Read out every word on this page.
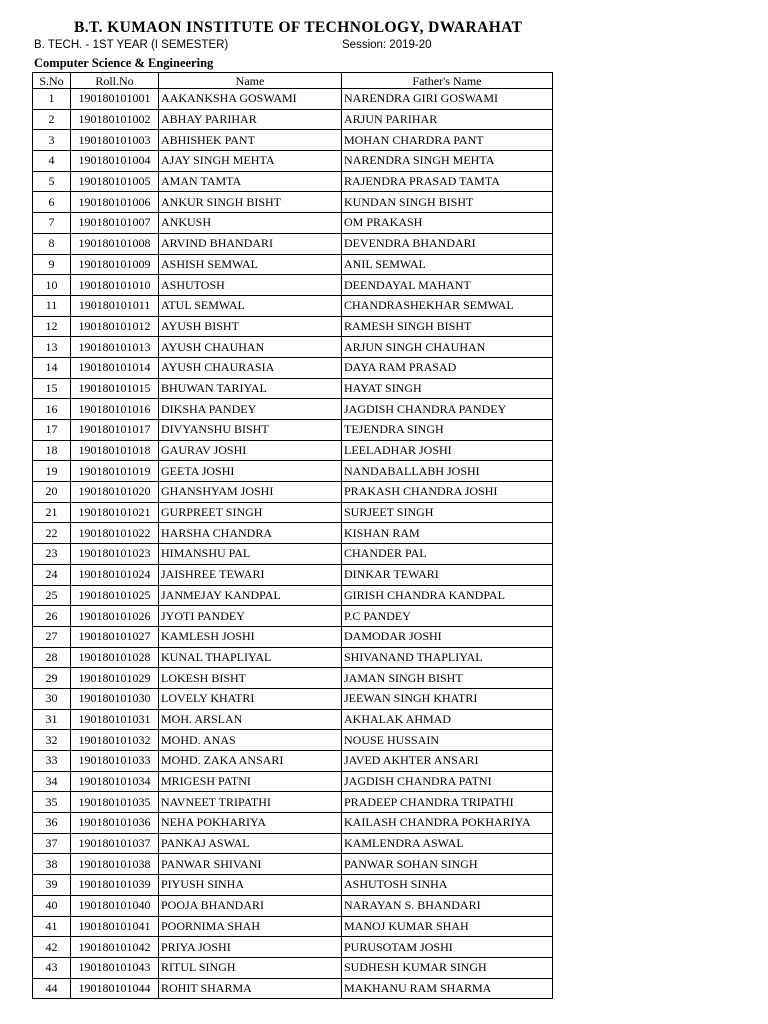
B.T. KUMAON INSTITUTE OF TECHNOLOGY, DWARAHAT
B. TECH. - 1ST YEAR (I SEMESTER)	Session: 2019-20
Computer Science & Engineering
S.No	Roll.No	Name	Father's Name
1	190180101001	AAKANKSHA GOSWAMI	NARENDRA GIRI GOSWAMI
2	190180101002	ABHAY PARIHAR	ARJUN PARIHAR
3	190180101003	ABHISHEK PANT	MOHAN CHARDRA PANT
4	190180101004	AJAY SINGH MEHTA	NARENDRA SINGH MEHTA
5	190180101005	AMAN TAMTA	RAJENDRA PRASAD TAMTA
6	190180101006	ANKUR SINGH BISHT	KUNDAN SINGH BISHT
7	190180101007	ANKUSH	OM PRAKASH
8	190180101008	ARVIND BHANDARI	DEVENDRA BHANDARI
9	190180101009	ASHISH SEMWAL	ANIL SEMWAL
10	190180101010	ASHUTOSH	DEENDAYAL MAHANT
11	190180101011	ATUL SEMWAL	CHANDRASHEKHAR SEMWAL
12	190180101012	AYUSH BISHT	RAMESH SINGH BISHT
13	190180101013	AYUSH CHAUHAN	ARJUN SINGH CHAUHAN
14	190180101014	AYUSH CHAURASIA	DAYA RAM PRASAD
15	190180101015	BHUWAN TARIYAL	HAYAT SINGH
16	190180101016	DIKSHA PANDEY	JAGDISH CHANDRA PANDEY
17	190180101017	DIVYANSHU BISHT	TEJENDRA SINGH
18	190180101018	GAURAV JOSHI	LEELADHAR JOSHI
19	190180101019	GEETA JOSHI	NANDABALLABH JOSHI
20	190180101020	GHANSHYAM JOSHI	PRAKASH CHANDRA JOSHI
21	190180101021	GURPREET SINGH	SURJEET SINGH
22	190180101022	HARSHA CHANDRA	KISHAN RAM
23	190180101023	HIMANSHU PAL	CHANDER PAL
24	190180101024	JAISHREE TEWARI	DINKAR TEWARI
25	190180101025	JANMEJAY KANDPAL	GIRISH CHANDRA KANDPAL
26	190180101026	JYOTI PANDEY	P.C PANDEY
27	190180101027	KAMLESH JOSHI	DAMODAR JOSHI
28	190180101028	KUNAL THAPLIYAL	SHIVANAND THAPLIYAL
29	190180101029	LOKESH BISHT	JAMAN SINGH BISHT
30	190180101030	LOVELY KHATRI	JEEWAN SINGH KHATRI
31	190180101031	MOH. ARSLAN	AKHALAK AHMAD
32	190180101032	MOHD. ANAS	NOUSE HUSSAIN
33	190180101033	MOHD. ZAKA ANSARI	JAVED AKHTER ANSARI
34	190180101034	MRIGESH PATNI	JAGDISH CHANDRA PATNI
35	190180101035	NAVNEET TRIPATHI	PRADEEP CHANDRA TRIPATHI
36	190180101036	NEHA POKHARIYA	KAILASH CHANDRA POKHARIYA
37	190180101037	PANKAJ ASWAL	KAMLENDRA ASWAL
38	190180101038	PANWAR SHIVANI	PANWAR SOHAN SINGH
39	190180101039	PIYUSH SINHA	ASHUTOSH SINHA
40	190180101040	POOJA BHANDARI	NARAYAN S. BHANDARI
41	190180101041	POORNIMA SHAH	MANOJ KUMAR SHAH
42	190180101042	PRIYA JOSHI	PURUSOTAM JOSHI
43	190180101043	RITUL SINGH	SUDHESH KUMAR SINGH
44	190180101044	ROHIT SHARMA	MAKHANU RAM SHARMA
